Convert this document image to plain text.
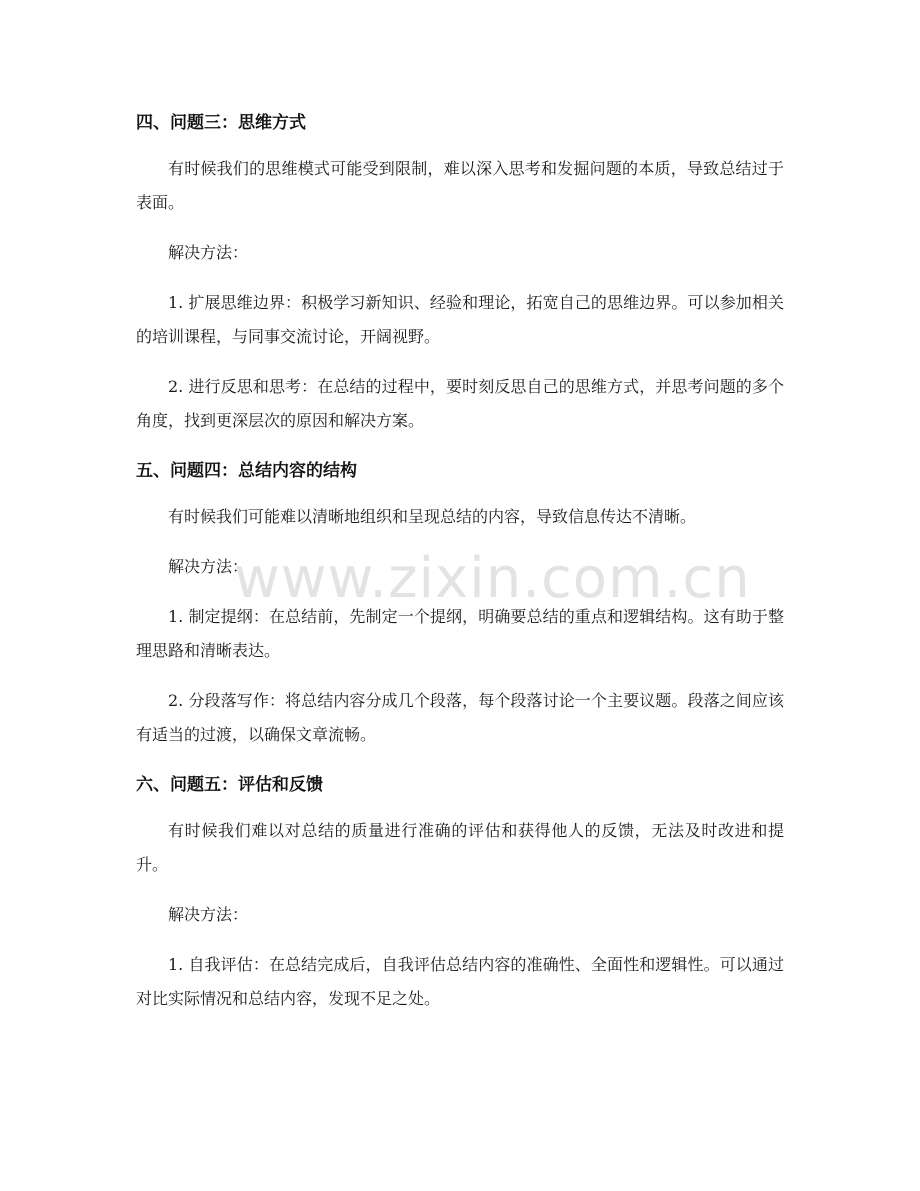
四、问题三：思维方式

有时候我们的思维模式可能受到限制，难以深入思考和发掘问题的本质，导致总结过于表面。

解决方法：

1. 扩展思维边界：积极学习新知识、经验和理论，拓宽自己的思维边界。可以参加相关的培训课程，与同事交流讨论，开阔视野。

2. 进行反思和思考：在总结的过程中，要时刻反思自己的思维方式，并思考问题的多个角度，找到更深层次的原因和解决方案。

五、问题四：总结内容的结构

有时候我们可能难以清晰地组织和呈现总结的内容，导致信息传达不清晰。

解决方法：

1. 制定提纲：在总结前，先制定一个提纲，明确要总结的重点和逻辑结构。这有助于整理思路和清晰表达。

2. 分段落写作：将总结内容分成几个段落，每个段落讨论一个主要议题。段落之间应该有适当的过渡，以确保文章流畅。

六、问题五：评估和反馈

有时候我们难以对总结的质量进行准确的评估和获得他人的反馈，无法及时改进和提升。

解决方法：

1. 自我评估：在总结完成后，自我评估总结内容的准确性、全面性和逻辑性。可以通过对比实际情况和总结内容，发现不足之处。

www.zixin.com.cn
